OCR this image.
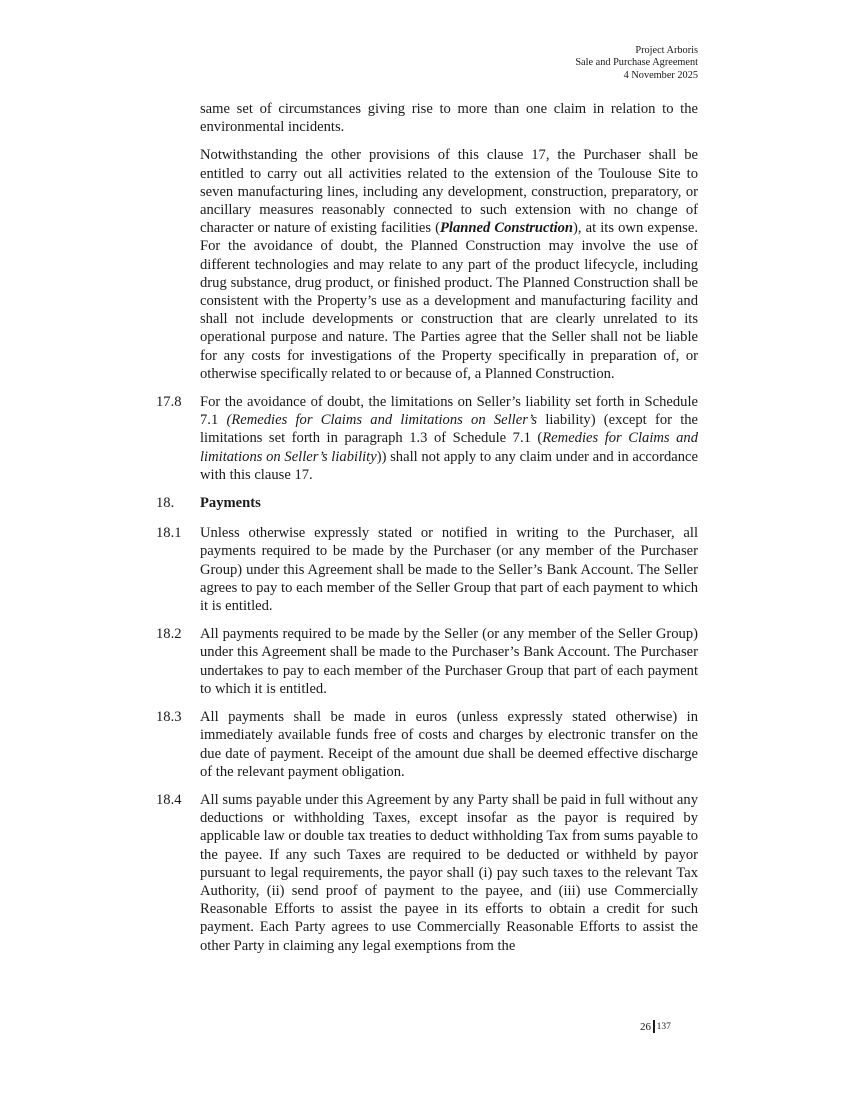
Project Arboris
Sale and Purchase Agreement
4 November 2025

same set of circumstances giving rise to more than one claim in relation to the environmental incidents.

Notwithstanding the other provisions of this clause 17, the Purchaser shall be entitled to carry out all activities related to the extension of the Toulouse Site to seven manufacturing lines, including any development, construction, preparatory, or ancillary measures reasonably connected to such extension with no change of character or nature of existing facilities (Planned Construction), at its own expense. For the avoidance of doubt, the Planned Construction may involve the use of different technologies and may relate to any part of the product lifecycle, including drug substance, drug product, or finished product. The Planned Construction shall be consistent with the Property’s use as a development and manufacturing facility and shall not include developments or construction that are clearly unrelated to its operational purpose and nature. The Parties agree that the Seller shall not be liable for any costs for investigations of the Property specifically in preparation of, or otherwise specifically related to or because of, a Planned Construction.

17.8	For the avoidance of doubt, the limitations on Seller’s liability set forth in Schedule 7.1 (Remedies for Claims and limitations on Seller’s liability) (except for the limitations set forth in paragraph 1.3 of Schedule 7.1 (Remedies for Claims and limitations on Seller’s liability)) shall not apply to any claim under and in accordance with this clause 17.
18.	Payments
18.1	Unless otherwise expressly stated or notified in writing to the Purchaser, all payments required to be made by the Purchaser (or any member of the Purchaser Group) under this Agreement shall be made to the Seller’s Bank Account. The Seller agrees to pay to each member of the Seller Group that part of each payment to which it is entitled.
18.2	All payments required to be made by the Seller (or any member of the Seller Group) under this Agreement shall be made to the Purchaser’s Bank Account. The Purchaser undertakes to pay to each member of the Purchaser Group that part of each payment to which it is entitled.
18.3	All payments shall be made in euros (unless expressly stated otherwise) in immediately available funds free of costs and charges by electronic transfer on the due date of payment. Receipt of the amount due shall be deemed effective discharge of the relevant payment obligation.
18.4	All sums payable under this Agreement by any Party shall be paid in full without any deductions or withholding Taxes, except insofar as the payor is required by applicable law or double tax treaties to deduct withholding Tax from sums payable to the payee. If any such Taxes are required to be deducted or withheld by payor pursuant to legal requirements, the payor shall (i) pay such taxes to the relevant Tax Authority, (ii) send proof of payment to the payee, and (iii) use Commercially Reasonable Efforts to assist the payee in its efforts to obtain a credit for such payment. Each Party agrees to use Commercially Reasonable Efforts to assist the other Party in claiming any legal exemptions from the
26 137
